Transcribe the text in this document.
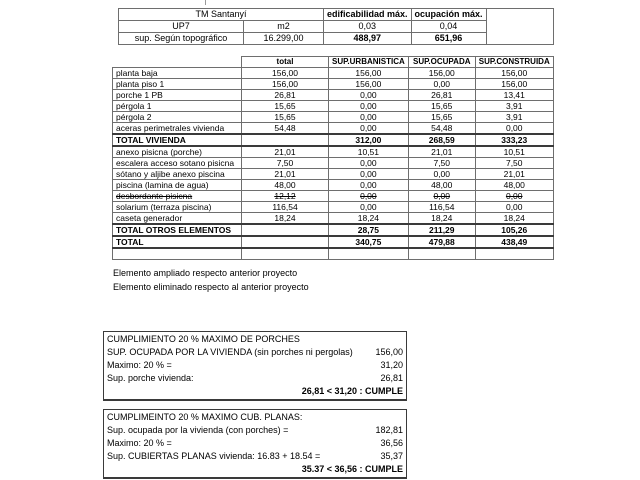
TM Santanyí		edificabilidad máx.	ocupación máx.	
UP7	m2	0,03	0,04	
sup. Según topográfico	16.299,00	488,97	651,96	
	total	SUP.URBANISTICA	SUP.OCUPADA	SUP.CONSTRUIDA
planta baja	156,00	156,00	156,00	156,00
planta piso 1	156,00	156,00	0,00	156,00
porche 1 PB	26,81	0,00	26,81	13,41
pérgola 1	15,65	0,00	15,65	3,91
pérgola 2	15,65	0,00	15,65	3,91
aceras perimetrales vivienda	54,48	0,00	54,48	0,00
TOTAL VIVIENDA		312,00	268,59	333,23
anexo pisicna (porche)	21,01	10,51	21,01	10,51
escalera acceso sotano pisicna	7,50	0,00	7,50	7,50
sótano y aljibe anexo piscina	21,01	0,00	0,00	21,01
piscina (lamina de agua)	48,00	0,00	48,00	48,00
desbordante pisicna	12,12	0,00	0,00	0,00
solarium (terraza piscina)	116,54	0,00	116,54	0,00
caseta generador	18,24	18,24	18,24	18,24
TOTAL OTROS ELEMENTOS		28,75	211,29	105,26
TOTAL		340,75	479,88	438,49

Elemento ampliado respecto anterior proyecto
Elemento eliminado respecto al anterior proyecto
CUMPLIMIENTO 20 % MAXIMO DE PORCHES
SUP. OCUPADA POR LA VIVIENDA (sin porches ni pergolas)	156,00
Maximo: 20 % =	31,20
Sup. porche vivienda:	26,81
26,81 < 31,20 : CUMPLE
CUMPLIMEINTO 20 % MAXIMO CUB. PLANAS:
Sup. ocupada por la vivienda (con porches) =	182,81
Maximo: 20 % =	36,56
Sup. CUBIERTAS PLANAS vivienda: 16.83 + 18.54 =	35,37
35.37 < 36,56 : CUMPLE
